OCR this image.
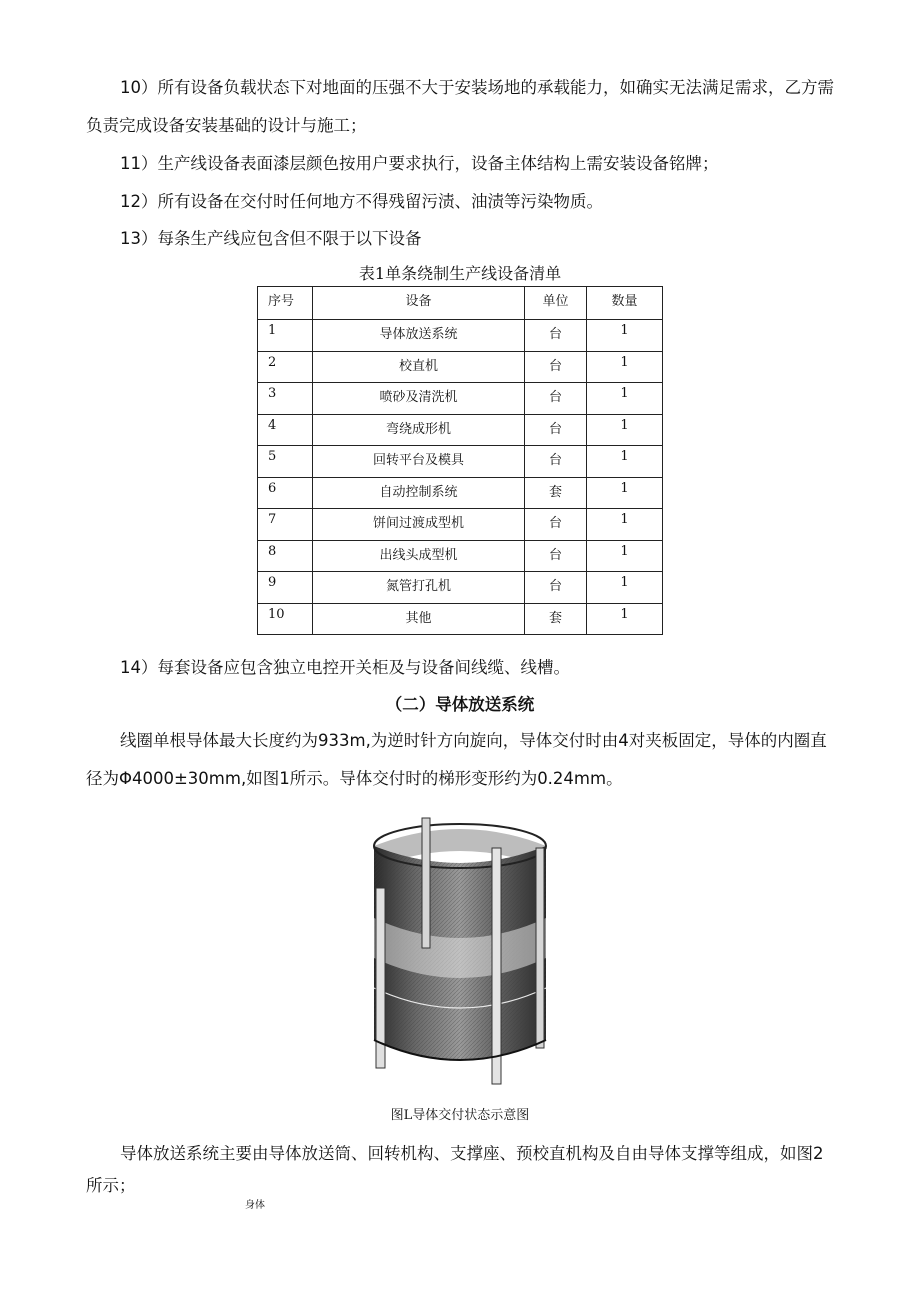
10）所有设备负载状态下对地面的压强不大于安装场地的承载能力，如确实无法满足需求，乙方需负责完成设备安装基础的设计与施工；

11）生产线设备表面漆层颜色按用户要求执行，设备主体结构上需安装设备铭牌；

12）所有设备在交付时任何地方不得残留污渍、油渍等污染物质。

13）每条生产线应包含但不限于以下设备

表1单条绕制生产线设备清单

序号	设备	单位	数量
1	导体放送系统	台	1
2	校直机	台	1
3	喷砂及清洗机	台	1
4	弯绕成形机	台	1
5	回转平台及模具	台	1
6	自动控制系统	套	1
7	饼间过渡成型机	台	1
8	出线头成型机	台	1
9	氮管打孔机	台	1
10	其他	套	1

14）每套设备应包含独立电控开关柜及与设备间线缆、线槽。

（二）导体放送系统

线圈单根导体最大长度约为933m,为逆时针方向旋向，导体交付时由4对夹板固定，导体的内圈直径为Φ4000±30mm,如图1所示。导体交付时的梯形变形约为0.24mm。

图L导体交付状态示意图

导体放送系统主要由导体放送筒、回转机构、支撑座、预校直机构及自由导体支撑等组成，如图2所示；

身体
